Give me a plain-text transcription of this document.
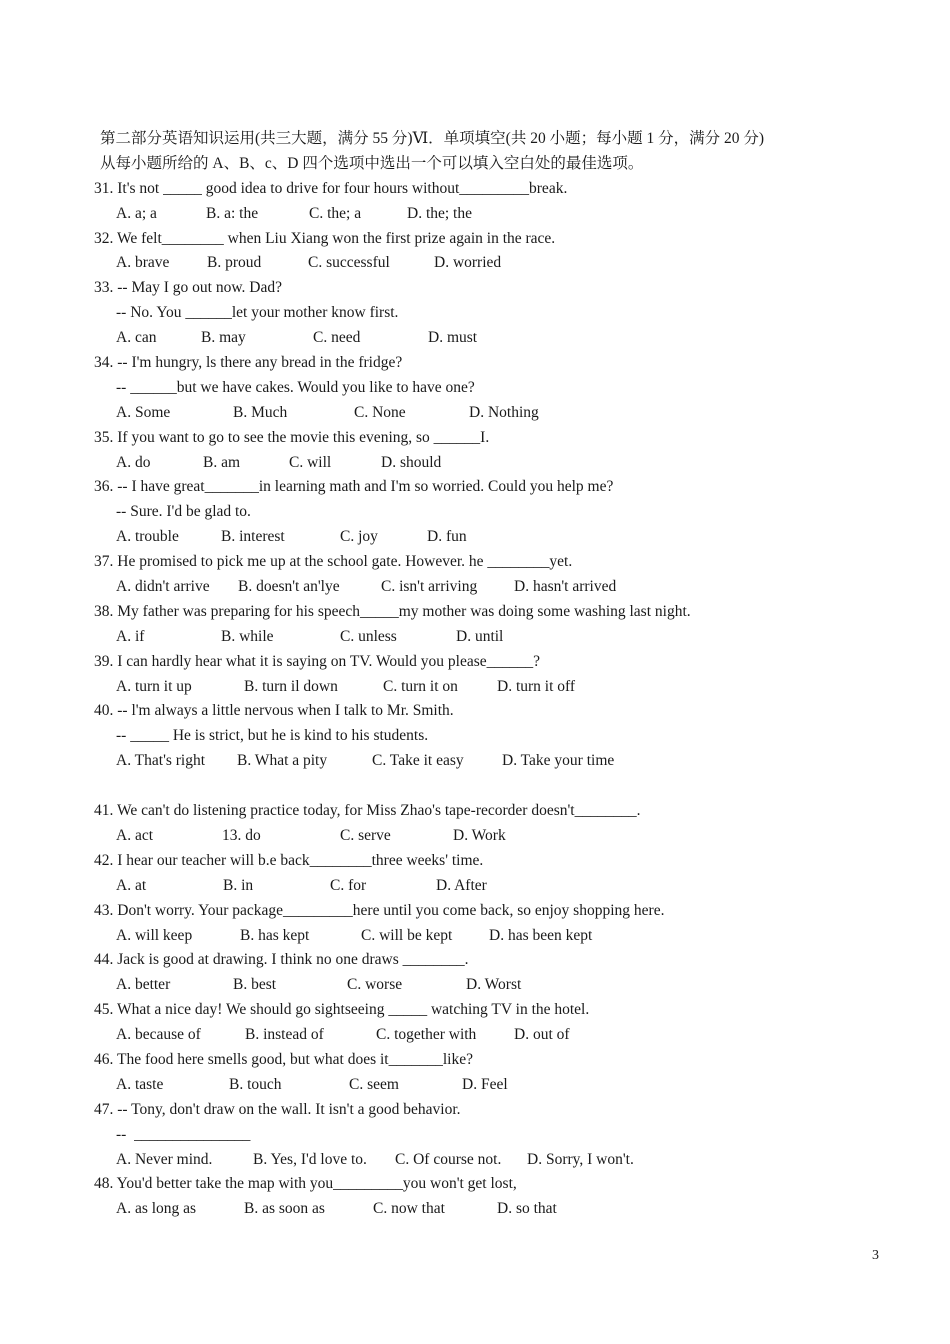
第二部分英语知识运用(共三大题，满分 55 分)Ⅵ．单项填空(共 20 小题；每小题 1 分，满分 20 分)
从每小题所给的 A、B、c、D 四个选项中选出一个可以填入空白处的最佳选项。
31. It's not _____ good idea to drive for four hours without_________break.
A. a; a	B. a: the	C. the; a	D. the; the
32. We felt________ when Liu Xiang won the first prize again in the race.
A. brave	B. proud	C. successful	D. worried
33. -- May I go out now. Dad?
-- No. You ______let your mother know first.
A. can	B. may	C. need	D. must
34. -- I'm hungry, ls there any bread in the fridge?
-- ______but we have cakes. Would you like to have one?
A. Some	B. Much	C. None	D. Nothing
35. If you want to go to see the movie this evening, so ______I.
A. do	B. am	C. will	D. should
36. -- I have great_______in learning math and I'm so worried. Could you help me?
-- Sure. I'd be glad to.
A. trouble	B. interest	C. joy	D. fun
37. He promised to pick me up at the school gate. However. he ________yet.
A. didn't arrive	B. doesn't an'lye	C. isn't arriving	D. hasn't arrived
38. My father was preparing for his speech_____my mother was doing some washing last night.
A. if	B. while	C. unless	D. until
39. I can hardly hear what it is saying on TV. Would you please______?
A. turn it up	B. turn il down	C. turn it on	D. turn it off
40. -- l'm always a little nervous when I talk to Mr. Smith.
-- _____ He is strict, but he is kind to his students.
A. That's right	B. What a pity	C. Take it easy	D. Take your time
41. We can't do listening practice today, for Miss Zhao's tape-recorder doesn't________.
A. act	13. do	C. serve	D. Work
42. I hear our teacher will b.e back________three weeks' time.
A. at	B. in	C. for	D. After
43. Don't worry. Your package_________here until you come back, so enjoy shopping here.
A. will keep	B. has kept	C. will be kept	D. has been kept
44. Jack is good at drawing. I think no one draws ________.
A. better	B. best	C. worse	D. Worst
45. What a nice day! We should go sightseeing _____ watching TV in the hotel.
A. because of	B. instead of	C. together with	D. out of
46. The food here smells good, but what does it_______like?
A. taste	B. touch	C. seem	D. Feel
47. -- Tony, don't draw on the wall. It isn't a good behavior.
--  _______________
A. Never mind.	B. Yes, I'd love to.	C. Of course not.	D. Sorry, I won't.
48. You'd better take the map with you_________you won't get lost,
A. as long as	B. as soon as	C. now that	D. so that
3
